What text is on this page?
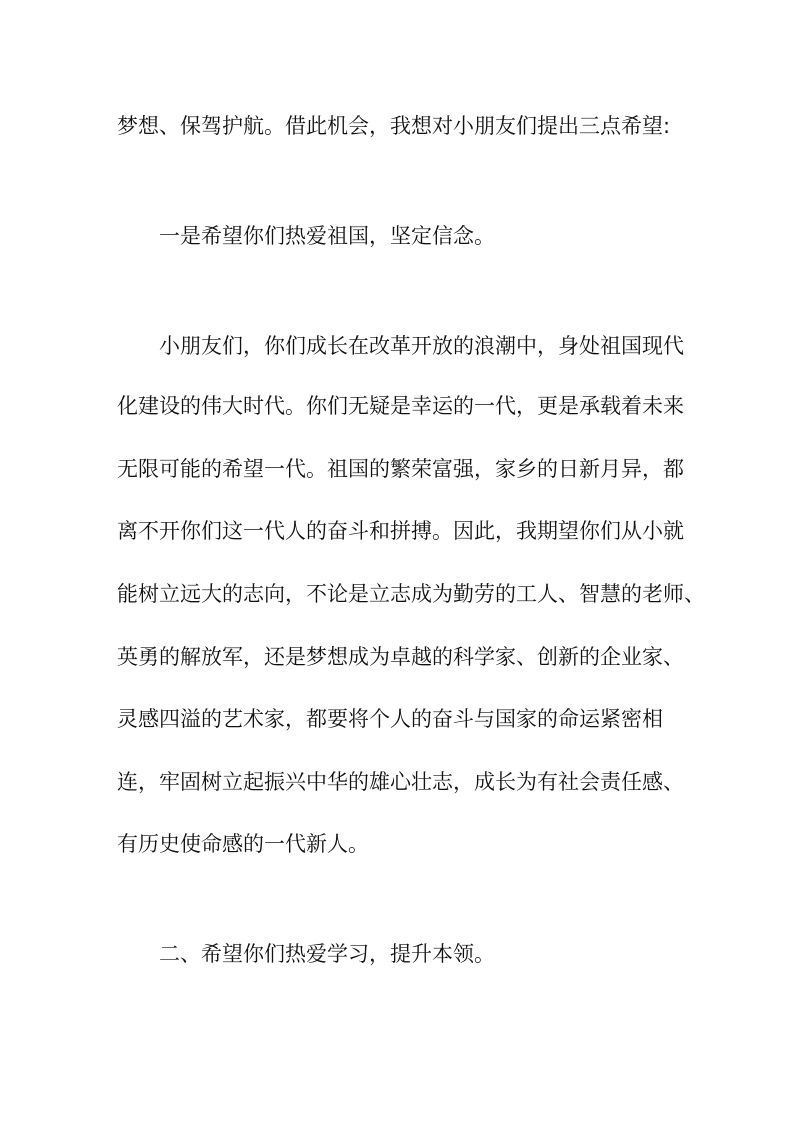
梦想、保驾护航。借此机会，我想对小朋友们提出三点希望:
一是希望你们热爱祖国，坚定信念。
小朋友们，你们成长在改革开放的浪潮中，身处祖国现代
化建设的伟大时代。你们无疑是幸运的一代，更是承载着未来
无限可能的希望一代。祖国的繁荣富强，家乡的日新月异，都
离不开你们这一代人的奋斗和拼搏。因此，我期望你们从小就
能树立远大的志向，不论是立志成为勤劳的工人、智慧的老师、
英勇的解放军，还是梦想成为卓越的科学家、创新的企业家、
灵感四溢的艺术家，都要将个人的奋斗与国家的命运紧密相
连，牢固树立起振兴中华的雄心壮志，成长为有社会责任感、
有历史使命感的一代新人。
二、希望你们热爱学习，提升本领。
